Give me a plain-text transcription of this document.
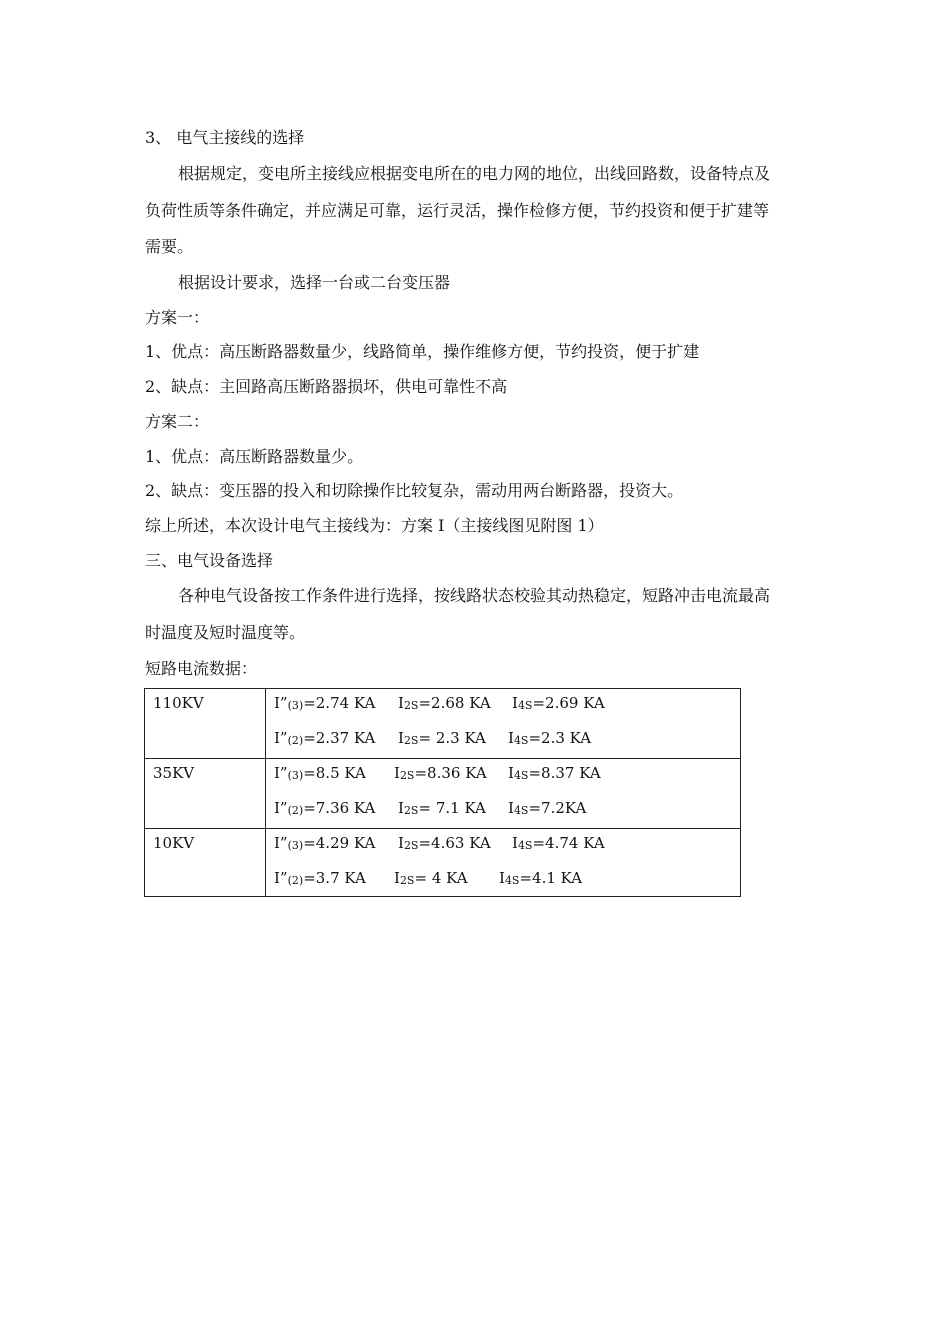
3、 电气主接线的选择
根据规定，变电所主接线应根据变电所在的电力网的地位，出线回路数，设备特点及
负荷性质等条件确定，并应满足可靠，运行灵活，操作检修方便，节约投资和便于扩建等
需要。
根据设计要求，选择一台或二台变压器
方案一：
1、优点：高压断路器数量少，线路简单，操作维修方便，节约投资，便于扩建
2、缺点：主回路高压断路器损坏，供电可靠性不高
方案二：
1、优点：高压断路器数量少。
2、缺点：变压器的投入和切除操作比较复杂，需动用两台断路器，投资大。
综上所述，本次设计电气主接线为：方案 I（主接线图见附图 1）
三、电气设备选择
各种电气设备按工作条件进行选择，按线路状态校验其动热稳定，短路冲击电流最高
时温度及短时温度等。
短路电流数据：
110KV	$I”_{(3)}=2.74$ KA $I_{2S}=2.68$ KA $I_{4S}=2.69$ KA
$I”_{(2)}=2.37$ KA $I_{2S}= 2.3$ KA $I_{4S}=2.3$ KA
35KV	$I”_{(3)}=8.5$ KA $I_{2S}=8.36$ KA $I_{4S}=8.37$ KA
$I”_{(2)}=7.36$ KA $I_{2S}= 7.1$ KA $I_{4S}=7.2KA$
10KV	$I”_{(3)}=4.29$ KA $I_{2S}=4.63$ KA $I_{4S}=4.74$ KA
$I”_{(2)}=3.7$ KA $I_{2S}= 4$ KA $I_{4S}=4.1$ KA
